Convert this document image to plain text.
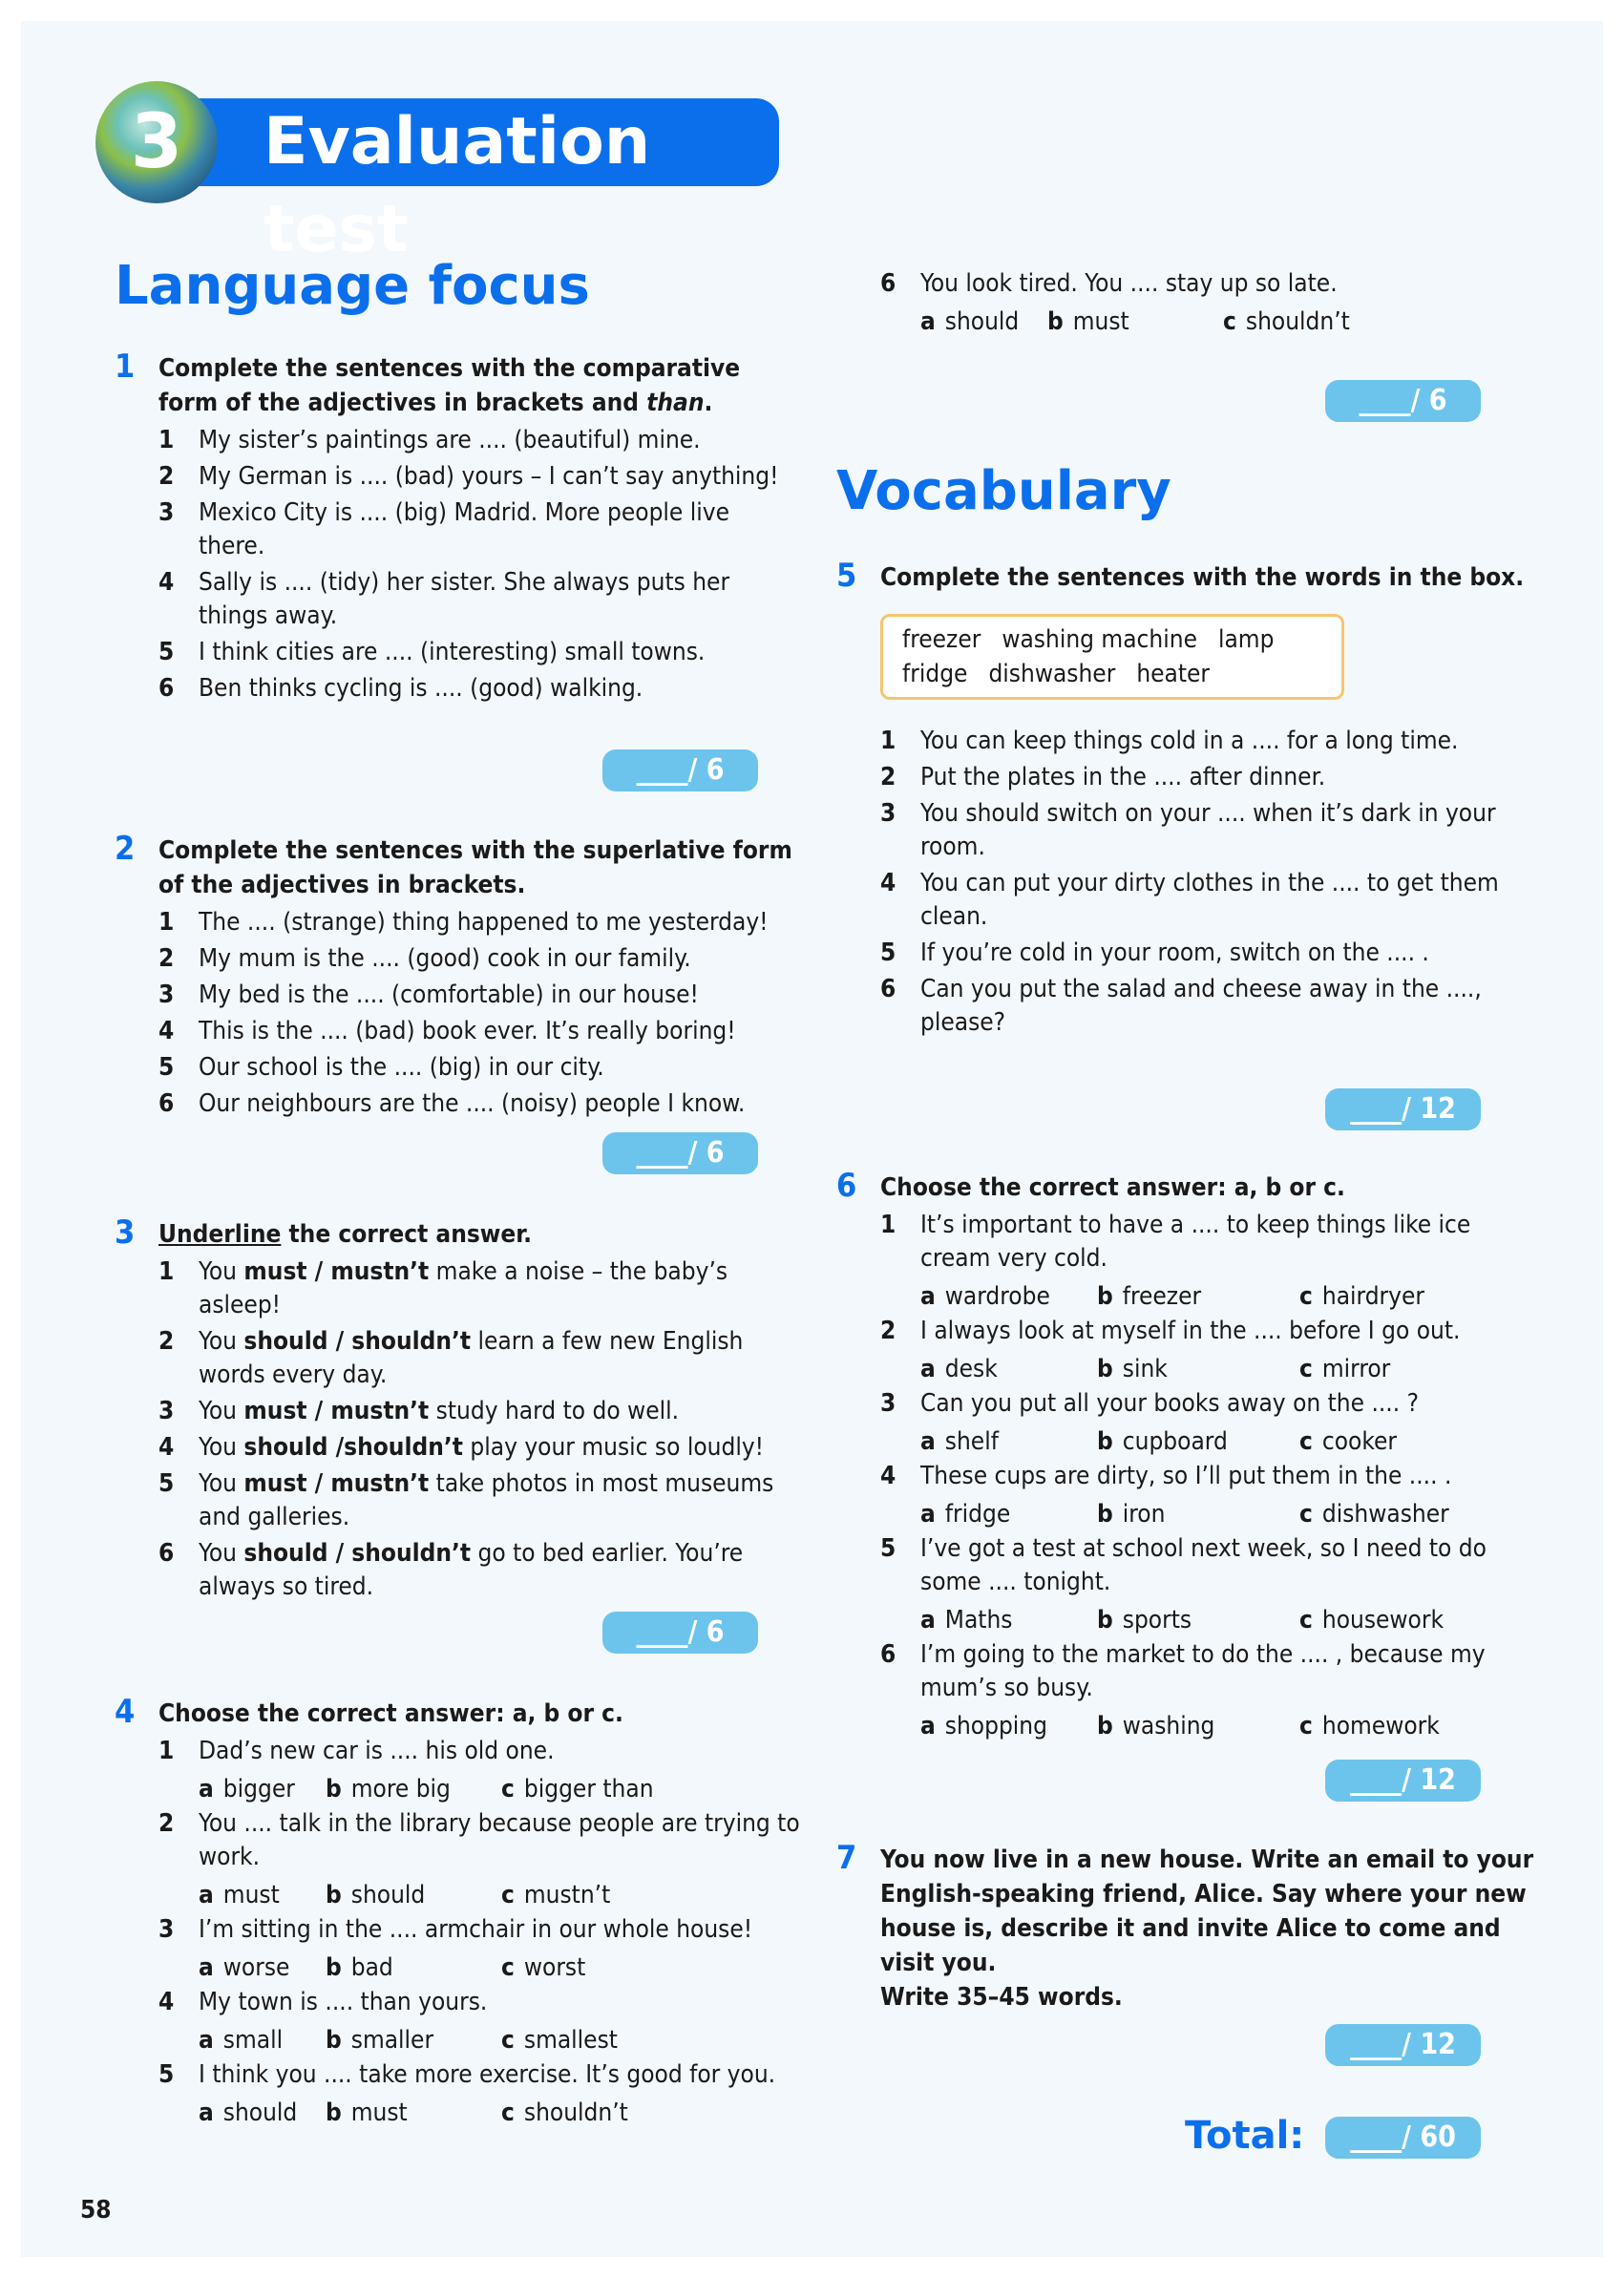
3	Evaluation test
Language focus
Vocabulary
58
Total:	____/ 60
1 Complete the sentences with the comparative form of the adjectives in brackets and than.
1 My sister’s paintings are .... (beautiful) mine.
2 My German is .... (bad) yours – I can’t say anything!
3 Mexico City is .... (big) Madrid. More people live there.
4 Sally is .... (tidy) her sister. She always puts her things away.
5 I think cities are .... (interesting) small towns.
6 Ben thinks cycling is .... (good) walking.
____/ 6
2 Complete the sentences with the superlative form of the adjectives in brackets.
1 The .... (strange) thing happened to me yesterday!
2 My mum is the .... (good) cook in our family.
3 My bed is the .... (comfortable) in our house!
4 This is the .... (bad) book ever. It’s really boring!
5 Our school is the .... (big) in our city.
6 Our neighbours are the .... (noisy) people I know.
____/ 6
3 Underline the correct answer.
1 You must / mustn’t make a noise – the baby’s asleep!
2 You should / shouldn’t learn a few new English words every day.
3 You must / mustn’t study hard to do well.
4 You should /shouldn’t play your music so loudly!
5 You must / mustn’t take photos in most museums and galleries.
6 You should / shouldn’t go to bed earlier. You’re always so tired.
____/ 6
4 Choose the correct answer: a, b or c.
1 Dad’s new car is .... his old one.
a bigger b more big c bigger than
2 You .... talk in the library because people are trying to work.
a must b should	c mustn’t
3 I’m sitting in the .... armchair in our whole house!
a worse b bad	c worst
4 My town is .... than yours.
a small b smaller	c smallest
5 I think you .... take more exercise. It’s good for you.
a should b must	c shouldn’t
6 You look tired. You .... stay up so late.
a should b must	c shouldn’t
____/ 6
5 Complete the sentences with the words in the box.
freezer washing machine lamp
fridge dishwasher heater
1 You can keep things cold in a .... for a long time.
2 Put the plates in the .... after dinner.
3 You should switch on your .... when it’s dark in your room.
4 You can put your dirty clothes in the .... to get them clean.
5 If you’re cold in your room, switch on the .... .
6 Can you put the salad and cheese away in the ...., please?
____/ 12
6 Choose the correct answer: a, b or c.
1 It’s important to have a .... to keep things like ice cream very cold.
a wardrobe b freezer	c hairdryer
2 I always look at myself in the .... before I go out.
a desk	b sink	c mirror
3 Can you put all your books away on the .... ?
a shelf	b cupboard	c cooker
4 These cups are dirty, so I’ll put them in the .... .
a fridge	b iron	c dishwasher
5 I’ve got a test at school next week, so I need to do some .... tonight.
a Maths	b sports	c housework
6 I’m going to the market to do the .... , because my mum’s so busy.
a shopping b washing	c homework
____/ 12
7 You now live in a new house. Write an email to your English-speaking friend, Alice. Say where your new house is, describe it and invite Alice to come and visit you.
Write 35–45 words.
____/ 12
